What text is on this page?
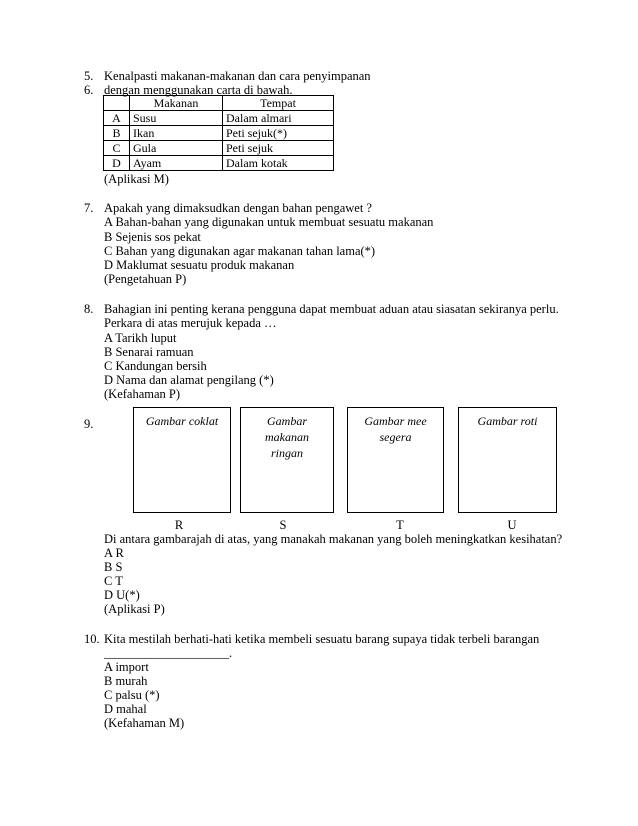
5. Kenalpasti makanan-makanan dan cara penyimpanan
6. dengan menggunakan carta di bawah.
	Makanan	Tempat
A	Susu	Dalam almari
B	Ikan	Peti sejuk(*)
C	Gula	Peti sejuk
D	Ayam	Dalam kotak
(Aplikasi M)
7. Apakah yang dimaksudkan dengan bahan pengawet ?
A Bahan-bahan yang digunakan untuk membuat sesuatu makanan
B Sejenis sos pekat
C Bahan yang digunakan agar makanan tahan lama(*)
D Maklumat sesuatu produk makanan
(Pengetahuan P)
8. Bahagian ini penting kerana pengguna dapat membuat aduan atau siasatan sekiranya perlu.
Perkara di atas merujuk kepada …
A Tarikh luput
B Senarai ramuan
C Kandungan bersih
D Nama dan alamat pengilang (*)
(Kefahaman P)
9.	Gambar coklat	Gambar
makanan
ringan
Gambar mee
segera
Gambar roti
R	S	T	U
Di antara gambarajah di atas, yang manakah makanan yang boleh meningkatkan kesihatan?
A R
B S
C T
D U(*)
(Aplikasi P)
10. Kita mestilah berhati-hati ketika membeli sesuatu barang supaya tidak terbeli barangan
____________________.
A import
B murah
C palsu (*)
D mahal
(Kefahaman M)
